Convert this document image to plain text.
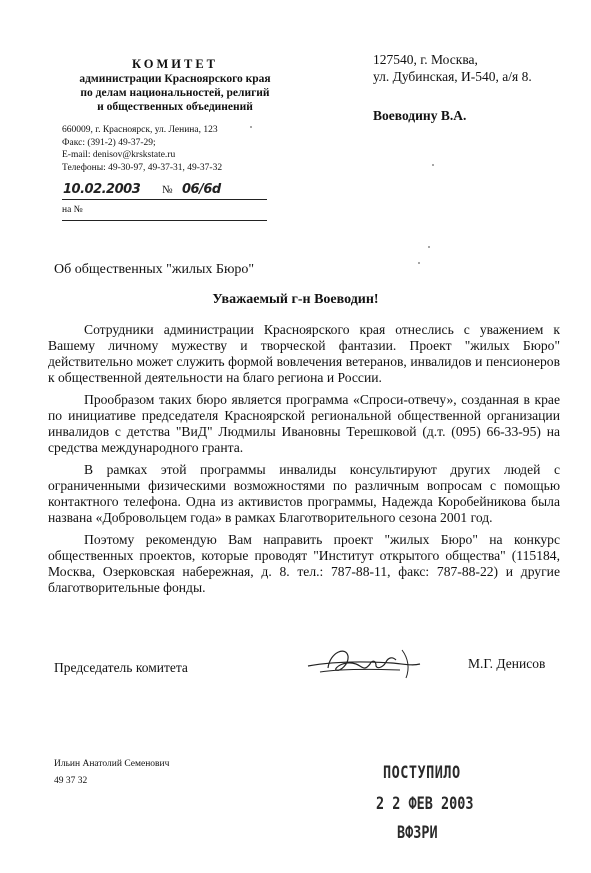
КОМИТЕТ
администрации Красноярского края
по делам национальностей, религий
и общественных объединений
660009, г. Красноярск, ул. Ленина, 123
Факс: (391-2) 49-37-29;
E-mail: denisov@krskstate.ru
Телефоны: 49-30-97, 49-37-31, 49-37-32
10.02.2003 № 06/6d
на №
127540, г. Москва,
ул. Дубинская, И-540, а/я 8.
Воеводину В.А.
Об общественных "жилых Бюро"
Уважаемый г-н Воеводин!

Сотрудники администрации Красноярского края отнеслись с уважением к Вашему личному мужеству и творческой фантазии. Проект "жилых Бюро" действительно может служить формой вовлечения ветеранов, инвалидов и пенсионеров к общественной деятельности на благо региона и России.

Прообразом таких бюро является программа «Спроси-отвечу», созданная в крае по инициативе председателя Красноярской региональной общественной организации инвалидов с детства "ВиД" Людмилы Ивановны Терешковой (д.т. (095) 66-33-95) на средства международного гранта.

В рамках этой программы инвалиды консультируют других людей с ограниченными физическими возможностями по различным вопросам с помощью контактного телефона. Одна из активистов программы, Надежда Коробейникова была названа «Добровольцем года» в рамках Благотворительного сезона 2001 год.

Поэтому рекомендую Вам направить проект "жилых Бюро" на конкурс общественных проектов, которые проводят "Институт открытого общества" (115184, Москва, Озерковская набережная, д. 8. тел.: 787-88-11, факс: 787-88-22) и другие благотворительные фонды.

Председатель комитета	М.Г. Денисов
Ильин Анатолий Семенович
49 37 32	ПОСТУПИЛО
2 2 ФЕВ 2003
ВФЗРИ
